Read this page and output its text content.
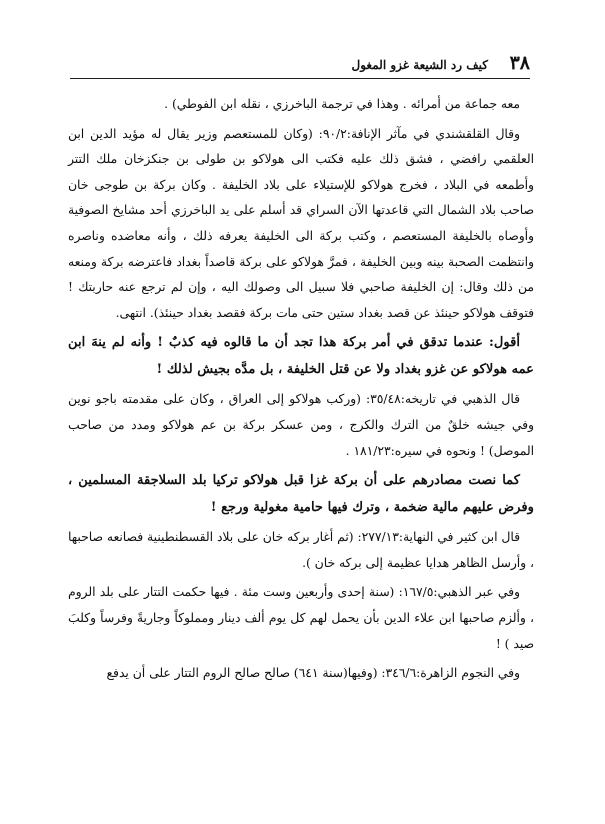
٣٨
كيف رد الشيعة غزو المغول

معه جماعة من أمرائه . وهذا في ترجمة الباخرزي ، نقله ابن الفوطي) .

وقال القلقشندي في مآثر الإنافة:٩٠/٢: (وكان للمستعصم وزير يقال له مؤيد الدين ابن العلقمي رافضي ، فشق ذلك عليه فكتب الى هولاكو بن طولى بن جنكزخان ملك التتر وأطمعه في البلاد ، فخرج هولاكو للإستيلاء على بلاد الخليفة . وكان بركة بن طوجى خان صاحب بلاد الشمال التي قاعدتها الآن السراي قد أسلم على يد الباخرزي أحد مشايخ الصوفية وأوصاه بالخليفة المستعصم ، وكتب بركة الى الخليفة يعرفه ذلك ، وأنه معاضده وناصره وانتظمت الصحبة بينه وبين الخليفة ، فمرَّ هولاكو على بركة قاصداً بغداد فاعترضه بركة ومنعه من ذلك وقال: إن الخليفة صاحبي فلا سبيل الى وصولك اليه ، وإن لم ترجع عنه حاربتك ! فتوقف هولاكو حينئذ عن قصد بغداد ستين حتى مات بركة فقصد بغداد حينئذ). انتهى.

أقول: عندما تدقق في أمر بركة هذا تجد أن ما قالوه فيه كذبٌ ! وأنه لم ينهَ ابن عمه هولاكو عن غزو بغداد ولا عن قتل الخليفة ، بل مدَّه بجيش لذلك !

قال الذهبي في تاريخه:٣٥/٤٨: (وركب هولاكو إلى العراق ، وكان على مقدمته باجو نوين وفي جيشه خلقٌ من الترك والكرج ، ومن عسكر بركة بن عم هولاكو ومدد من صاحب الموصل) ! ونحوه في سيره:١٨١/٢٣ .

كما نصت مصادرهم على أن بركة غزا قبل هولاكو تركيا بلد السلاجقة المسلمين ، وفرض عليهم مالية ضخمة ، وترك فيها حامية مغولية ورجع !

قال ابن كثير في النهاية:٢٧٧/١٣: (ثم أغار بركه خان على بلاد القسطنطينية فصانعه صاحبها ، وأرسل الظاهر هدايا عظيمة إلى بركه خان ).

وفي عبر الذهبي:١٦٧/٥: (سنة إحدى وأربعين وست مئة . فيها حكمت التتار على بلد الروم ، وألزم صاحبها ابن علاء الدين بأن يحمل لهم كل يوم ألف دينار ومملوكاً وجاريةً وفرساً وكلبَ صيد ) !

وفي النجوم الزاهرة:٣٤٦/٦: (وفيها(سنة ٦٤١) صالح صالح الروم التتار على أن يدفع
